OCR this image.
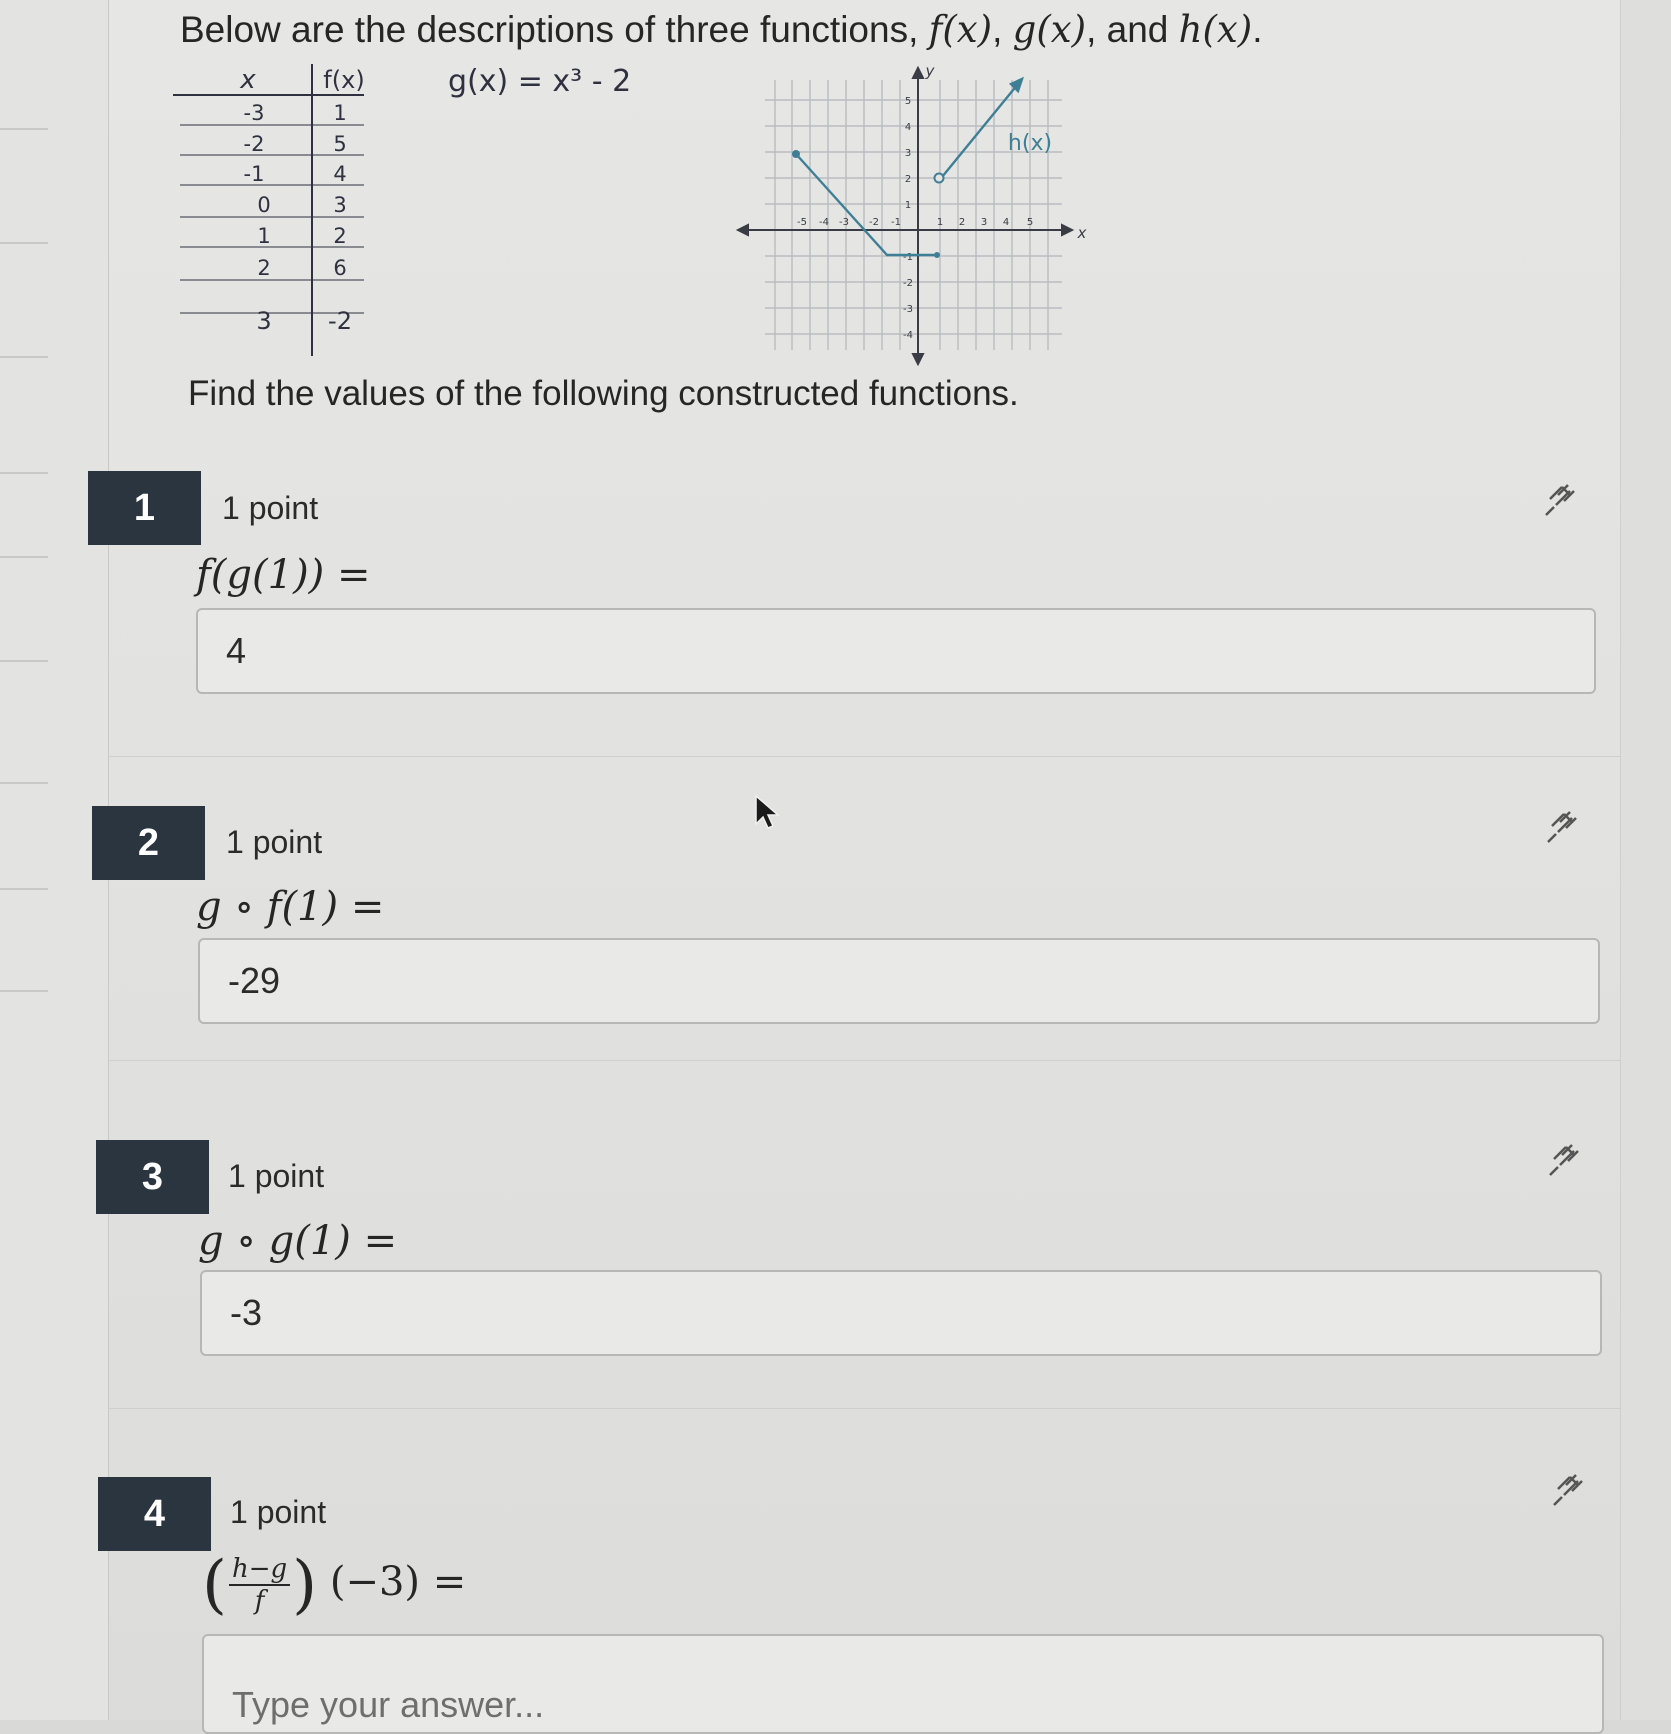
Below are the descriptions of three functions, f(x), g(x), and h(x).
x	f(x)
-3	1
-2	5
-1	4
0	3
1	2
2	6
3 -2
g(x) = x³ - 2
-5 -4 -3 -2 -1	1 2 3 4 5
5
4
3
2
1
-1
-2
-3
-4
y
x
h(x)
Find the values of the following constructed functions.
1	1 point
f(g(1)) =
4
2	1 point
g ∘ f(1) =
-29
3	1 point
g ∘ g(1) =
-3
4	1 point
( $\frac{h-g}{f}$ ) (−3) =
Type your answer...
